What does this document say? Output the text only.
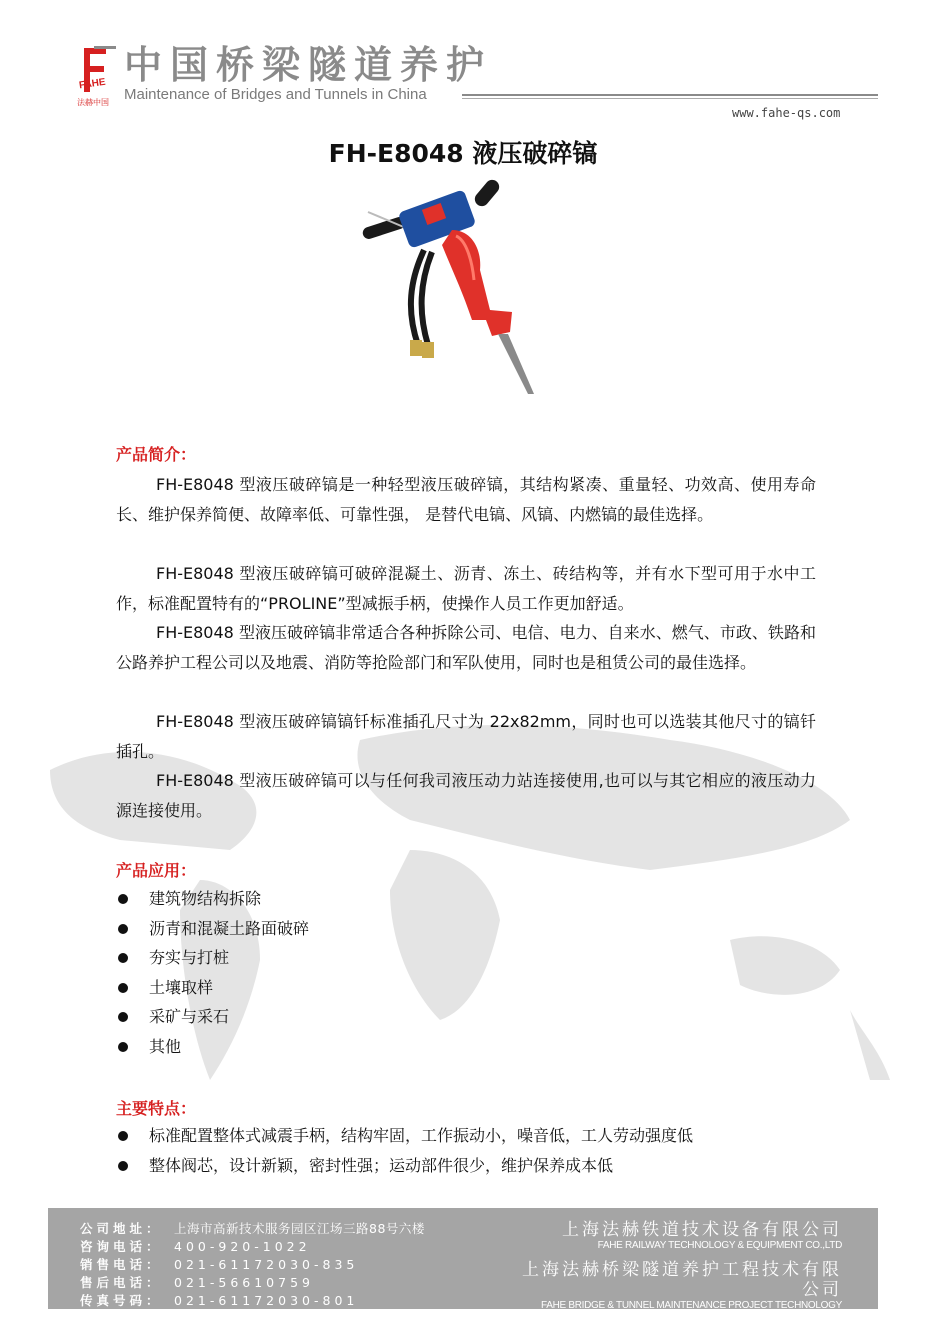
FAHE
法赫中国
中国桥梁隧道养护
Maintenance of Bridges and Tunnels in China
www.fahe-qs.com
FH-E8048 液压破碎镐
产品简介：
FH-E8048 型液压破碎镐是一种轻型液压破碎镐，其结构紧凑、重量轻、功效高、使用寿命长、维护保养简便、故障率低、可靠性强， 是替代电镐、风镐、内燃镐的最佳选择。
FH-E8048 型液压破碎镐可破碎混凝土、沥青、冻土、砖结构等，并有水下型可用于水中工作，标准配置特有的“PROLINE”型减振手柄，使操作人员工作更加舒适。
FH-E8048 型液压破碎镐非常适合各种拆除公司、电信、电力、自来水、燃气、市政、铁路和公路养护工程公司以及地震、消防等抢险部门和军队使用，同时也是租赁公司的最佳选择。
FH-E8048 型液压破碎镐镐钎标准插孔尺寸为 22x82mm，同时也可以选装其他尺寸的镐钎插孔。
FH-E8048 型液压破碎镐可以与任何我司液压动力站连接使用,也可以与其它相应的液压动力源连接使用。
产品应用：
建筑物结构拆除
沥青和混凝土路面破碎
夯实与打桩
土壤取样
采矿与采石
其他
主要特点：
标准配置整体式减震手柄，结构牢固，工作振动小，噪音低，工人劳动强度低
整体阀芯，设计新颖，密封性强；运动部件很少，维护保养成本低
公司地址： 上海市高新技术服务园区江场三路88号六楼
咨询电话： 400-920-1022
销售电话： 021-61172030-835
售后电话： 021-56610759
传真号码： 021-61172030-801
上海法赫铁道技术设备有限公司
FAHE RAILWAY TECHNOLOGY & EQUIPMENT CO.,LTD
上海法赫桥梁隧道养护工程技术有限公司
FAHE BRIDGE & TUNNEL MAINTENANCE PROJECT TECHNOLOGY CO.,LTD
